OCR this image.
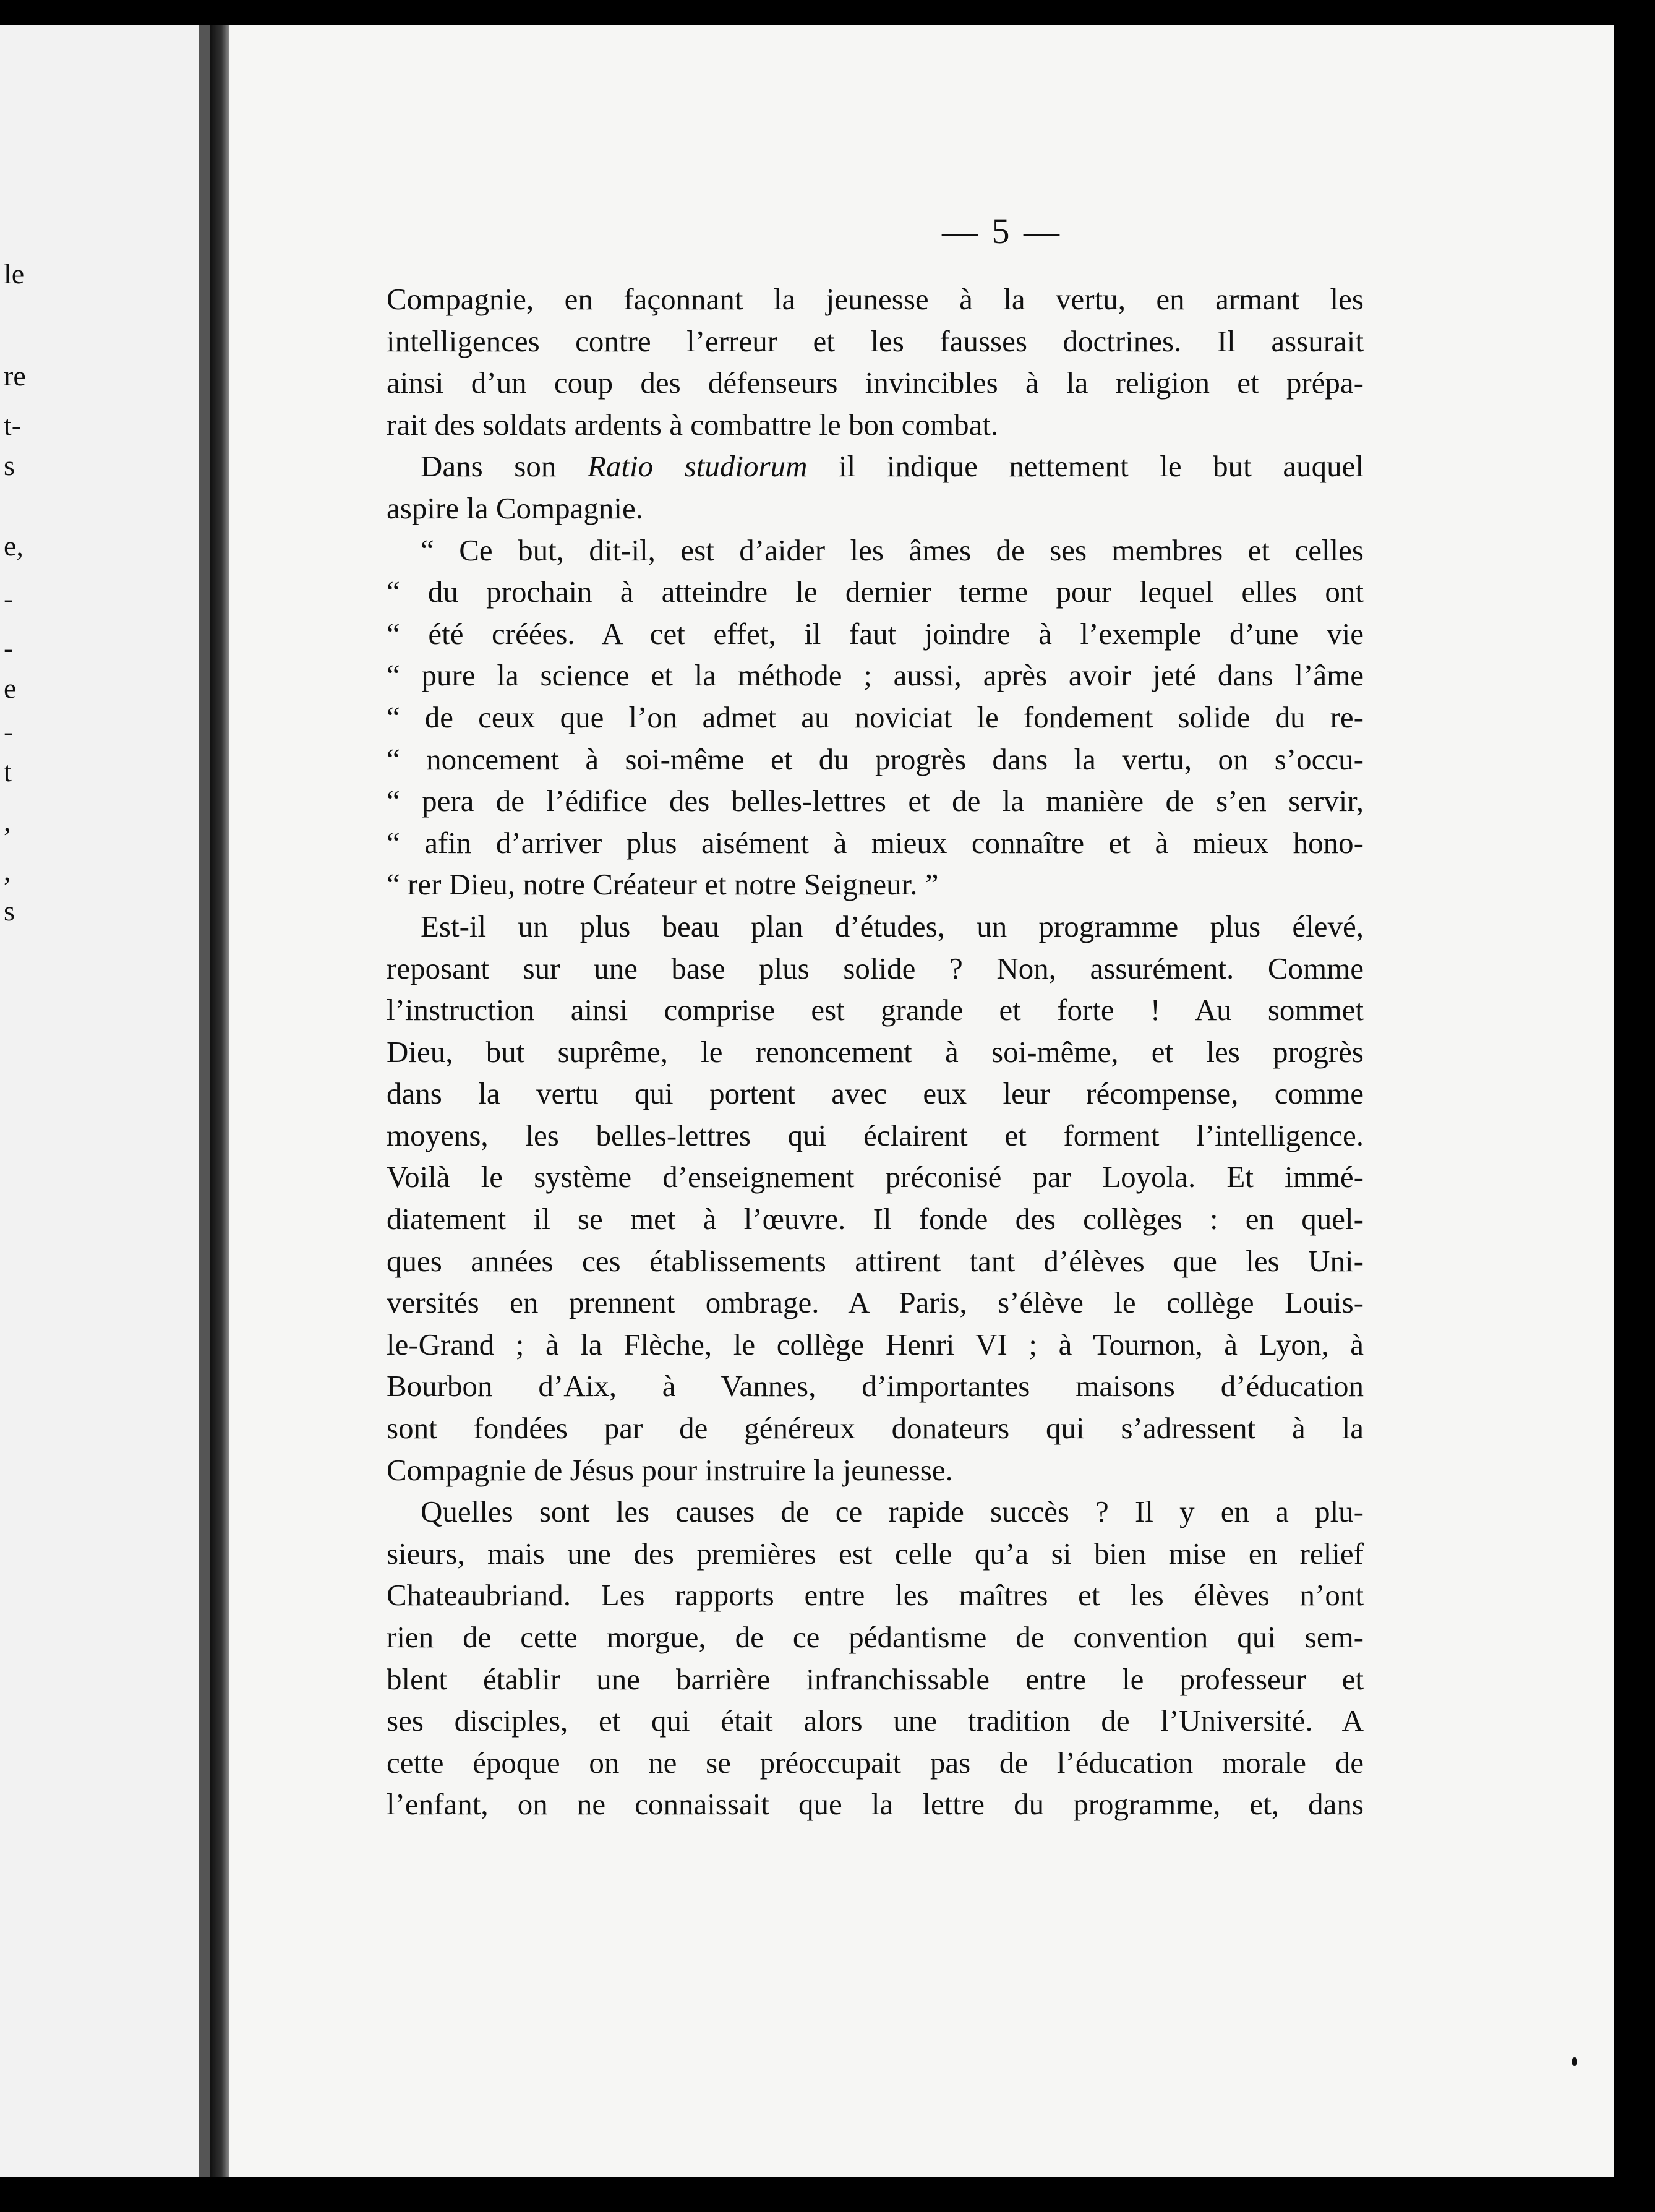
le
re
t-
s
e,
-
-
e
-
t
,
,
s
— 5 —
Compagnie, en façonnant la jeunesse à la vertu, en armant les
intelligences contre l’erreur et les fausses doctrines. Il assurait
ainsi d’un coup des défenseurs invincibles à la religion et prépa-
rait des soldats ardents à combattre le bon combat.
Dans son Ratio studiorum il indique nettement le but auquel
aspire la Compagnie.
“ Ce but, dit-il, est d’aider les âmes de ses membres et celles
“ du prochain à atteindre le dernier terme pour lequel elles ont
“ été créées. A cet effet, il faut joindre à l’exemple d’une vie
“ pure la science et la méthode ; aussi, après avoir jeté dans l’âme
“ de ceux que l’on admet au noviciat le fondement solide du re-
“ noncement à soi-même et du progrès dans la vertu, on s’occu-
“ pera de l’édifice des belles-lettres et de la manière de s’en servir,
“ afin d’arriver plus aisément à mieux connaître et à mieux hono-
“ rer Dieu, notre Créateur et notre Seigneur. ”
Est-il un plus beau plan d’études, un programme plus élevé,
reposant sur une base plus solide ? Non, assurément. Comme
l’instruction ainsi comprise est grande et forte ! Au sommet
Dieu, but suprême, le renoncement à soi-même, et les progrès
dans la vertu qui portent avec eux leur récompense, comme
moyens, les belles-lettres qui éclairent et forment l’intelligence.
Voilà le système d’enseignement préconisé par Loyola. Et immé-
diatement il se met à l’œuvre. Il fonde des collèges : en quel-
ques années ces établissements attirent tant d’élèves que les Uni-
versités en prennent ombrage. A Paris, s’élève le collège Louis-
le-Grand ; à la Flèche, le collège Henri VI ; à Tournon, à Lyon, à
Bourbon d’Aix, à Vannes, d’importantes maisons d’éducation
sont fondées par de généreux donateurs qui s’adressent à la
Compagnie de Jésus pour instruire la jeunesse.
Quelles sont les causes de ce rapide succès ? Il y en a plu-
sieurs, mais une des premières est celle qu’a si bien mise en relief
Chateaubriand. Les rapports entre les maîtres et les élèves n’ont
rien de cette morgue, de ce pédantisme de convention qui sem-
blent établir une barrière infranchissable entre le professeur et
ses disciples, et qui était alors une tradition de l’Université. A
cette époque on ne se préoccupait pas de l’éducation morale de
l’enfant, on ne connaissait que la lettre du programme, et, dans
